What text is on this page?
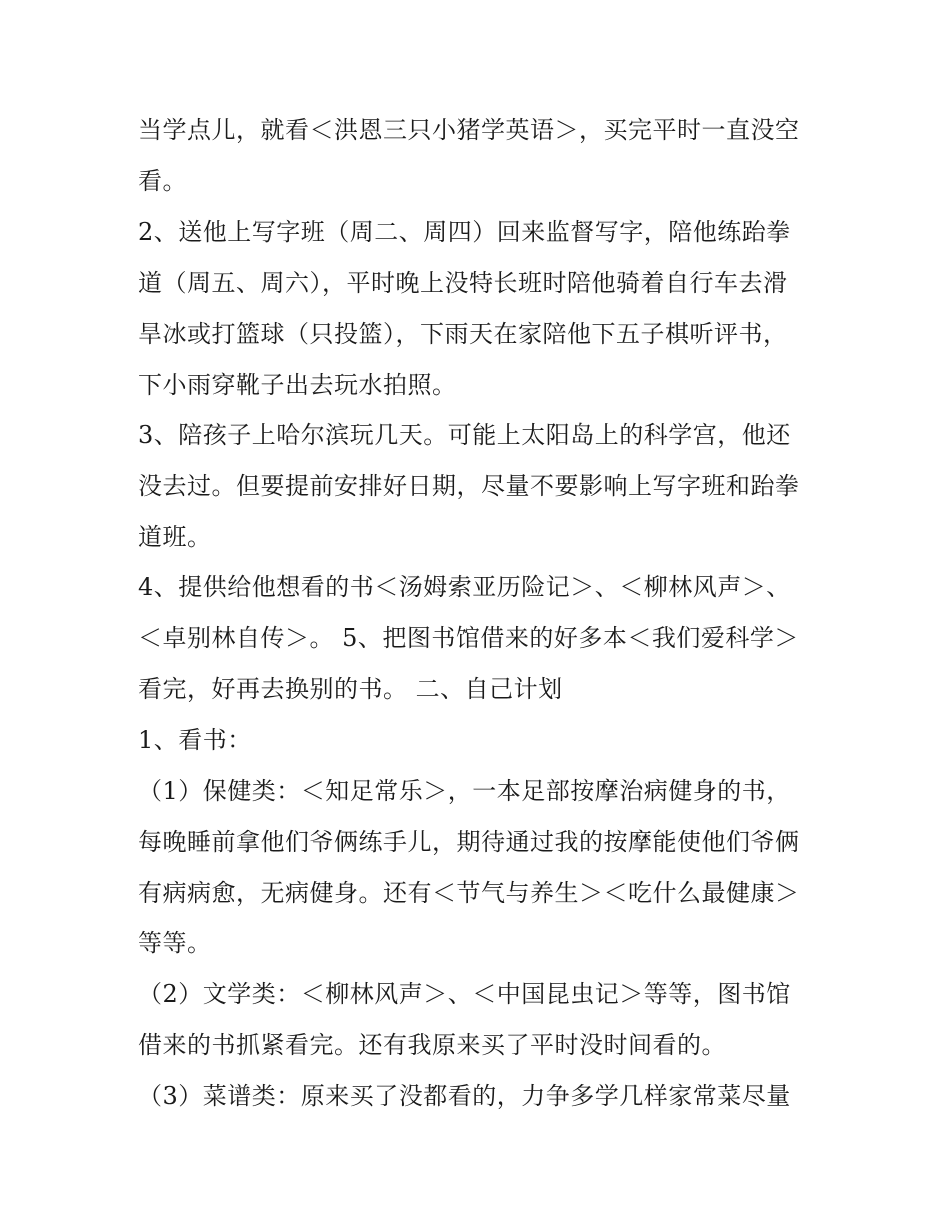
当学点儿，就看＜洪恩三只小猪学英语＞，买完平时一直没空
看。
2、送他上写字班（周二、周四）回来监督写字，陪他练跆拳
道（周五、周六），平时晚上没特长班时陪他骑着自行车去滑
旱冰或打篮球（只投篮），下雨天在家陪他下五子棋听评书，
下小雨穿靴子出去玩水拍照。
3、陪孩子上哈尔滨玩几天。可能上太阳岛上的科学宫，他还
没去过。但要提前安排好日期，尽量不要影响上写字班和跆拳
道班。
4、提供给他想看的书＜汤姆索亚历险记＞、＜柳林风声＞、
＜卓别林自传＞。 5、把图书馆借来的好多本＜我们爱科学＞
看完，好再去换别的书。 二、自己计划
1、看书：
（1）保健类：＜知足常乐＞，一本足部按摩治病健身的书，
每晚睡前拿他们爷俩练手儿，期待通过我的按摩能使他们爷俩
有病病愈，无病健身。还有＜节气与养生＞＜吃什么最健康＞
等等。
（2）文学类：＜柳林风声＞、＜中国昆虫记＞等等，图书馆
借来的书抓紧看完。还有我原来买了平时没时间看的。
（3）菜谱类：原来买了没都看的，力争多学几样家常菜尽量
